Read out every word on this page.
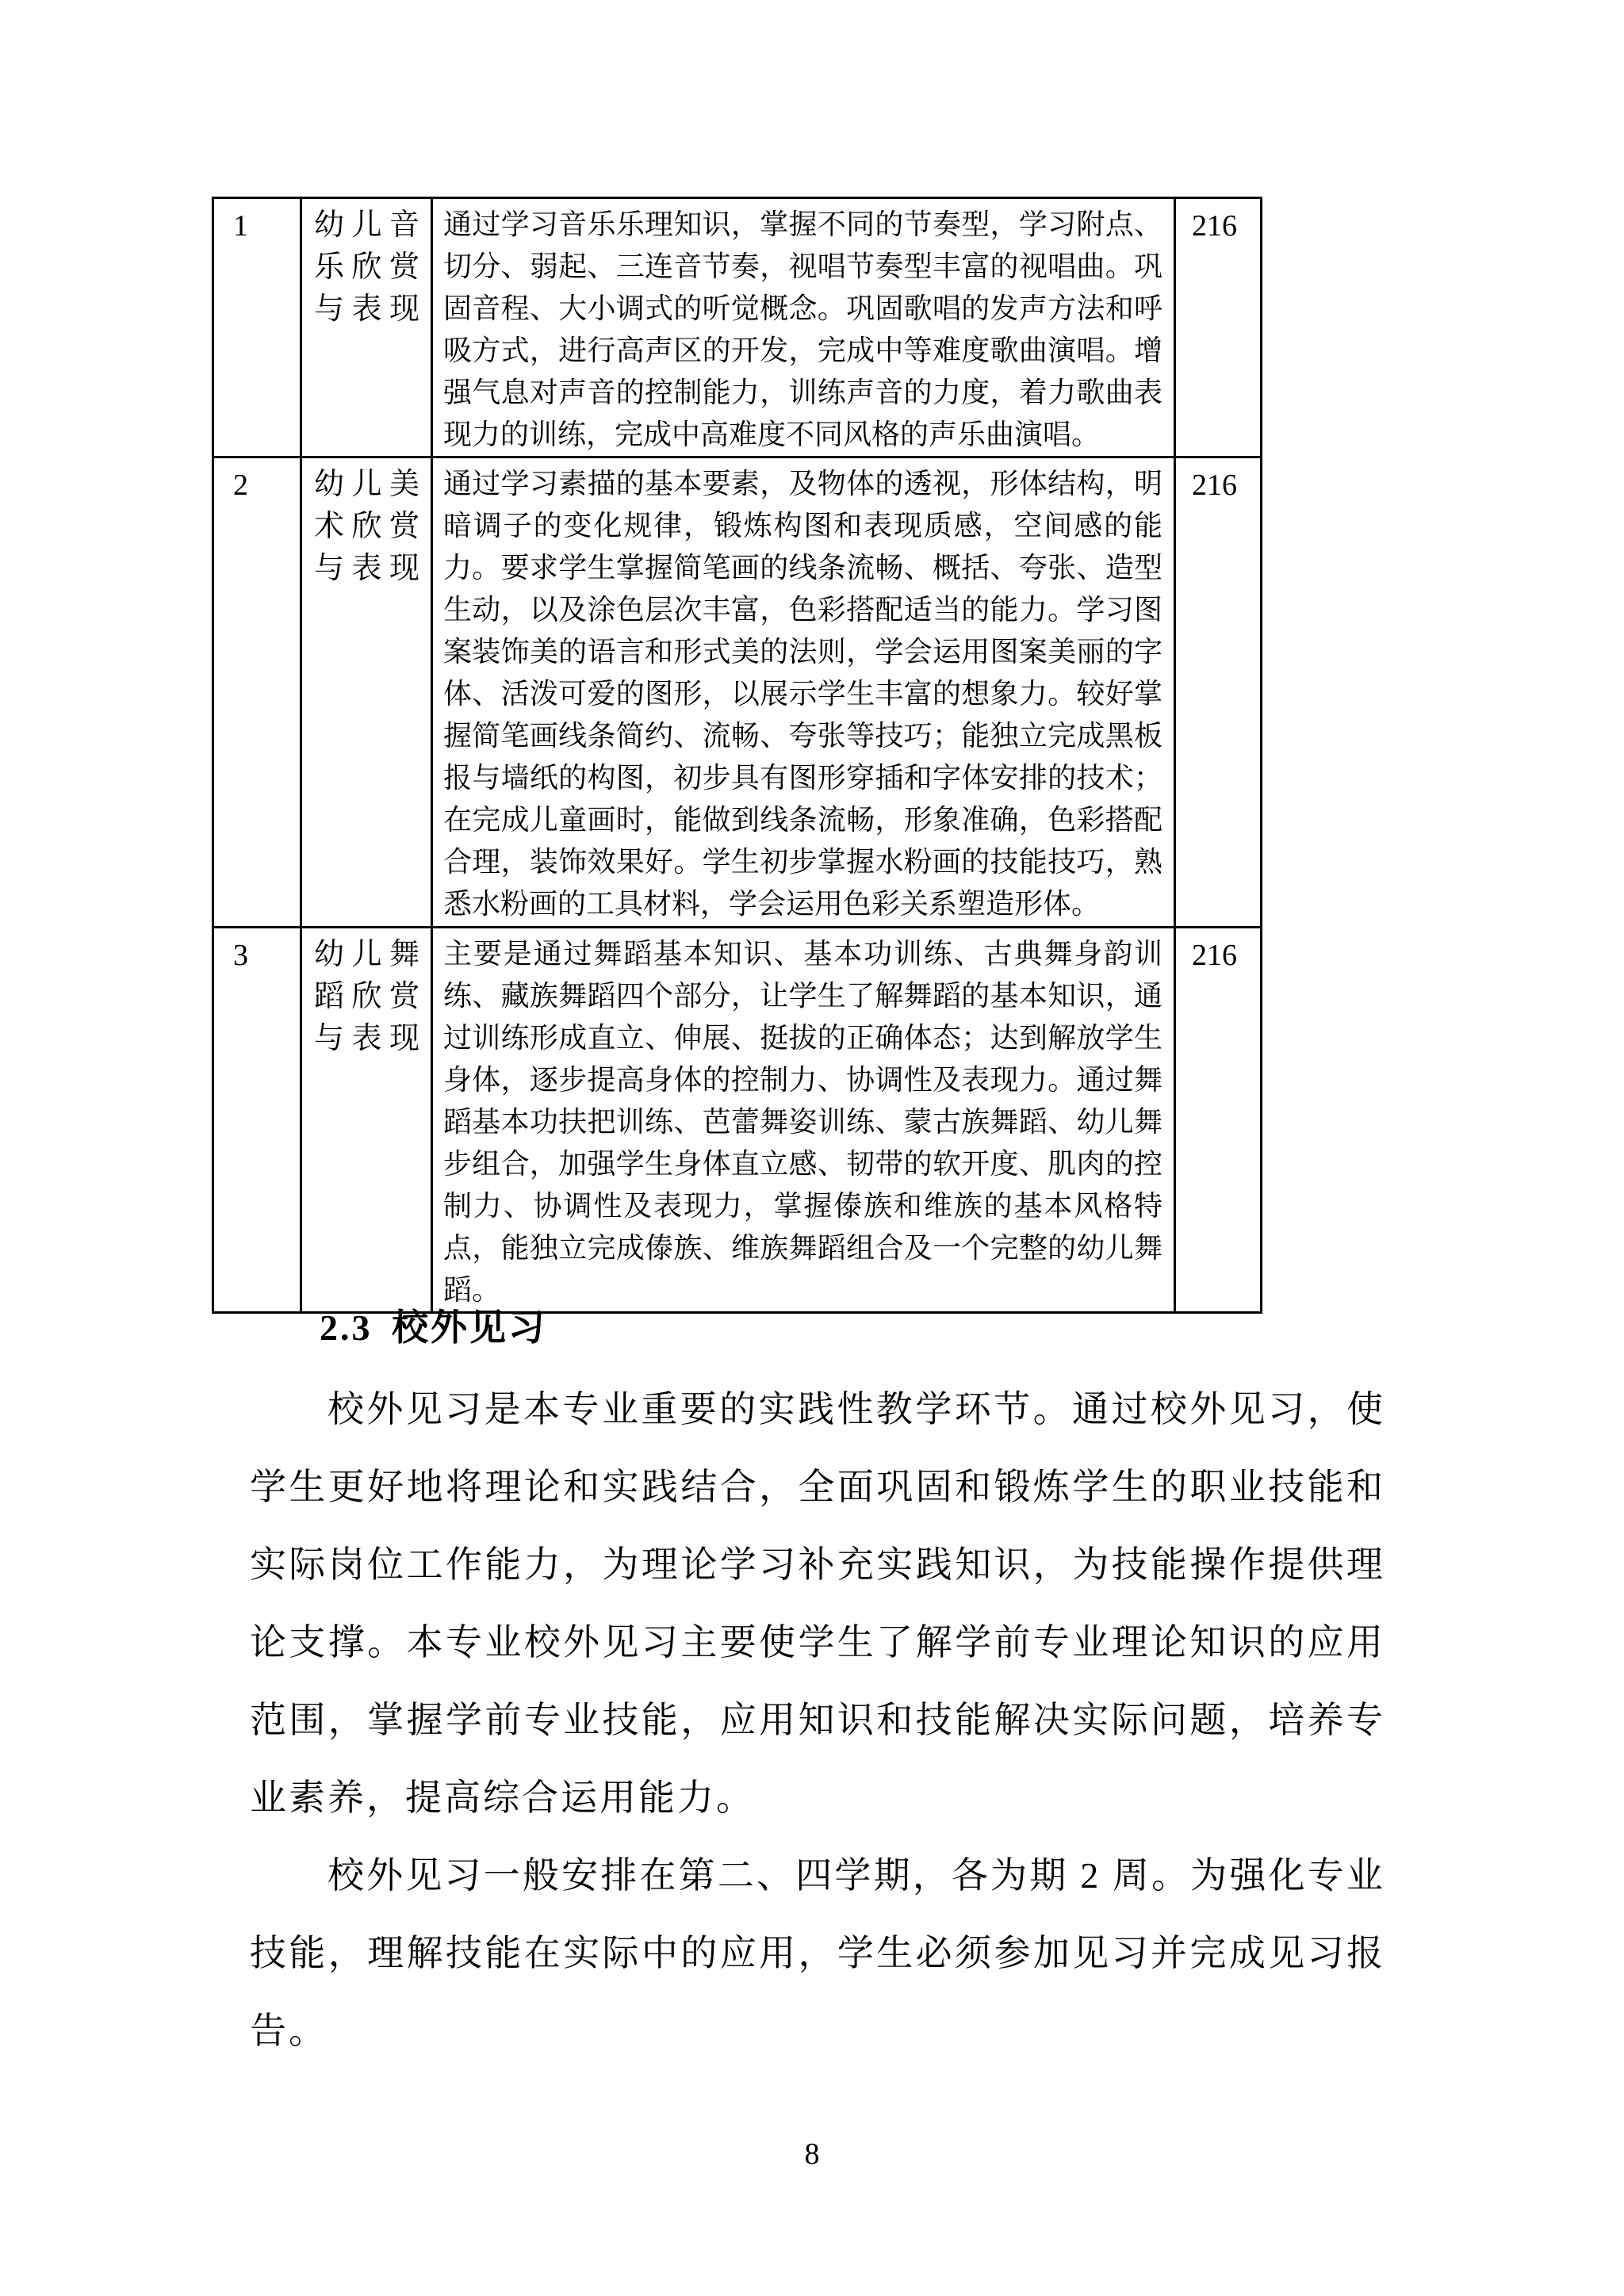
1	幼儿音乐欣赏与表现	通过学习音乐乐理知识，掌握不同的节奏型，学习附点、切分、弱起、三连音节奏，视唱节奏型丰富的视唱曲。巩固音程、大小调式的听觉概念。巩固歌唱的发声方法和呼吸方式，进行高声区的开发，完成中等难度歌曲演唱。增强气息对声音的控制能力，训练声音的力度，着力歌曲表现力的训练，完成中高难度不同风格的声乐曲演唱。	216
2	幼儿美术欣赏与表现	通过学习素描的基本要素，及物体的透视，形体结构，明暗调子的变化规律，锻炼构图和表现质感，空间感的能力。要求学生掌握简笔画的线条流畅、概括、夸张、造型生动，以及涂色层次丰富，色彩搭配适当的能力。学习图案装饰美的语言和形式美的法则，学会运用图案美丽的字体、活泼可爱的图形，以展示学生丰富的想象力。较好掌握简笔画线条简约、流畅、夸张等技巧；能独立完成黑板报与墙纸的构图，初步具有图形穿插和字体安排的技术；在完成儿童画时，能做到线条流畅，形象准确，色彩搭配合理，装饰效果好。学生初步掌握水粉画的技能技巧，熟悉水粉画的工具材料，学会运用色彩关系塑造形体。	216
3	幼儿舞蹈欣赏与表现	主要是通过舞蹈基本知识、基本功训练、古典舞身韵训练、藏族舞蹈四个部分，让学生了解舞蹈的基本知识，通过训练形成直立、伸展、挺拔的正确体态；达到解放学生身体，逐步提高身体的控制力、协调性及表现力。通过舞蹈基本功扶把训练、芭蕾舞姿训练、蒙古族舞蹈、幼儿舞步组合，加强学生身体直立感、韧带的软开度、肌肉的控制力、协调性及表现力，掌握傣族和维族的基本风格特点，能独立完成傣族、维族舞蹈组合及一个完整的幼儿舞蹈。	216
2.3 校外见习

校外见习是本专业重要的实践性教学环节。通过校外见习，使学生更好地将理论和实践结合，全面巩固和锻炼学生的职业技能和实际岗位工作能力，为理论学习补充实践知识，为技能操作提供理论支撑。本专业校外见习主要使学生了解学前专业理论知识的应用范围，掌握学前专业技能，应用知识和技能解决实际问题，培养专业素养，提高综合运用能力。

校外见习一般安排在第二、四学期，各为期 2 周。为强化专业技能，理解技能在实际中的应用，学生必须参加见习并完成见习报告。

8
